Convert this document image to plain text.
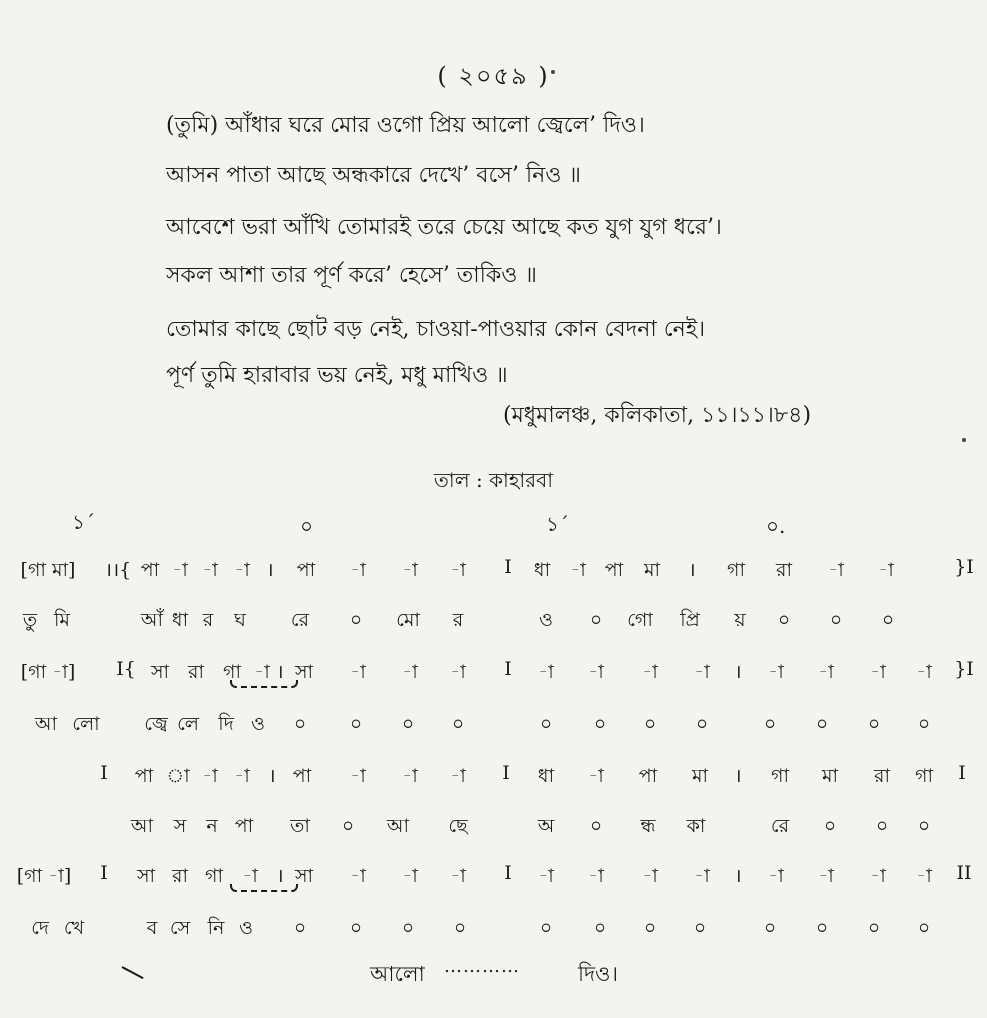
( ২০৫৯ )
(তুমি) আঁধার ঘরে মোর ওগো প্রিয় আলো জ্বেলে’ দিও।
আসন পাতা আছে অন্ধকারে দেখে’ বসে’ নিও ॥
আবেশে ভরা আঁখি তোমারই তরে চেয়ে আছে কত যুগ যুগ ধরে’।
সকল আশা তার পূর্ণ করে’ হেসে’ তাকিও ॥
তোমার কাছে ছোট বড় নেই, চাওয়া-পাওয়ার কোন বেদনা নেই।
পূর্ণ তুমি হারাবার ভয় নেই, মধু মাখিও ॥
(মধুমালঞ্চ, কলিকাতা, ১১।১১।৮৪)
তাল : কাহারবা
১´	০	১´	০.
[গা মা] ।।{ পা -া -া -া । পা -া -া -া I ধা -া পা মা । গা রা -া -া	}I
তু মি	আঁ ধা র ঘ রে ০ মো র	ও ০ গো প্রি য় ০ ০ ০
[গা -া] I{ সা রা গা -া । সা -া -া -া I -া -া -া -া । -া -া -া -া }I
আ লো জ্বে লে দি ও ০ ০ ০ ০	০ ০ ০ ০	০ ০ ০ ০
I পা া -া -া । পা -া -া -া I ধা -া পা মা । গা মা রা গা I
আ স ন পা তা ০ আ ছে	অ ০ ন্ধ কা	রে ০ ০ ০
[গা -া] I সা রা গা -া । সা -া -া -া I -া -া -া -া । -া -া -া -া II
দে খে	ব সে নি ও ০ ০ ০ ০	০ ০ ০ ০	০ ০ ০ ০
আলো …………	দিও।
